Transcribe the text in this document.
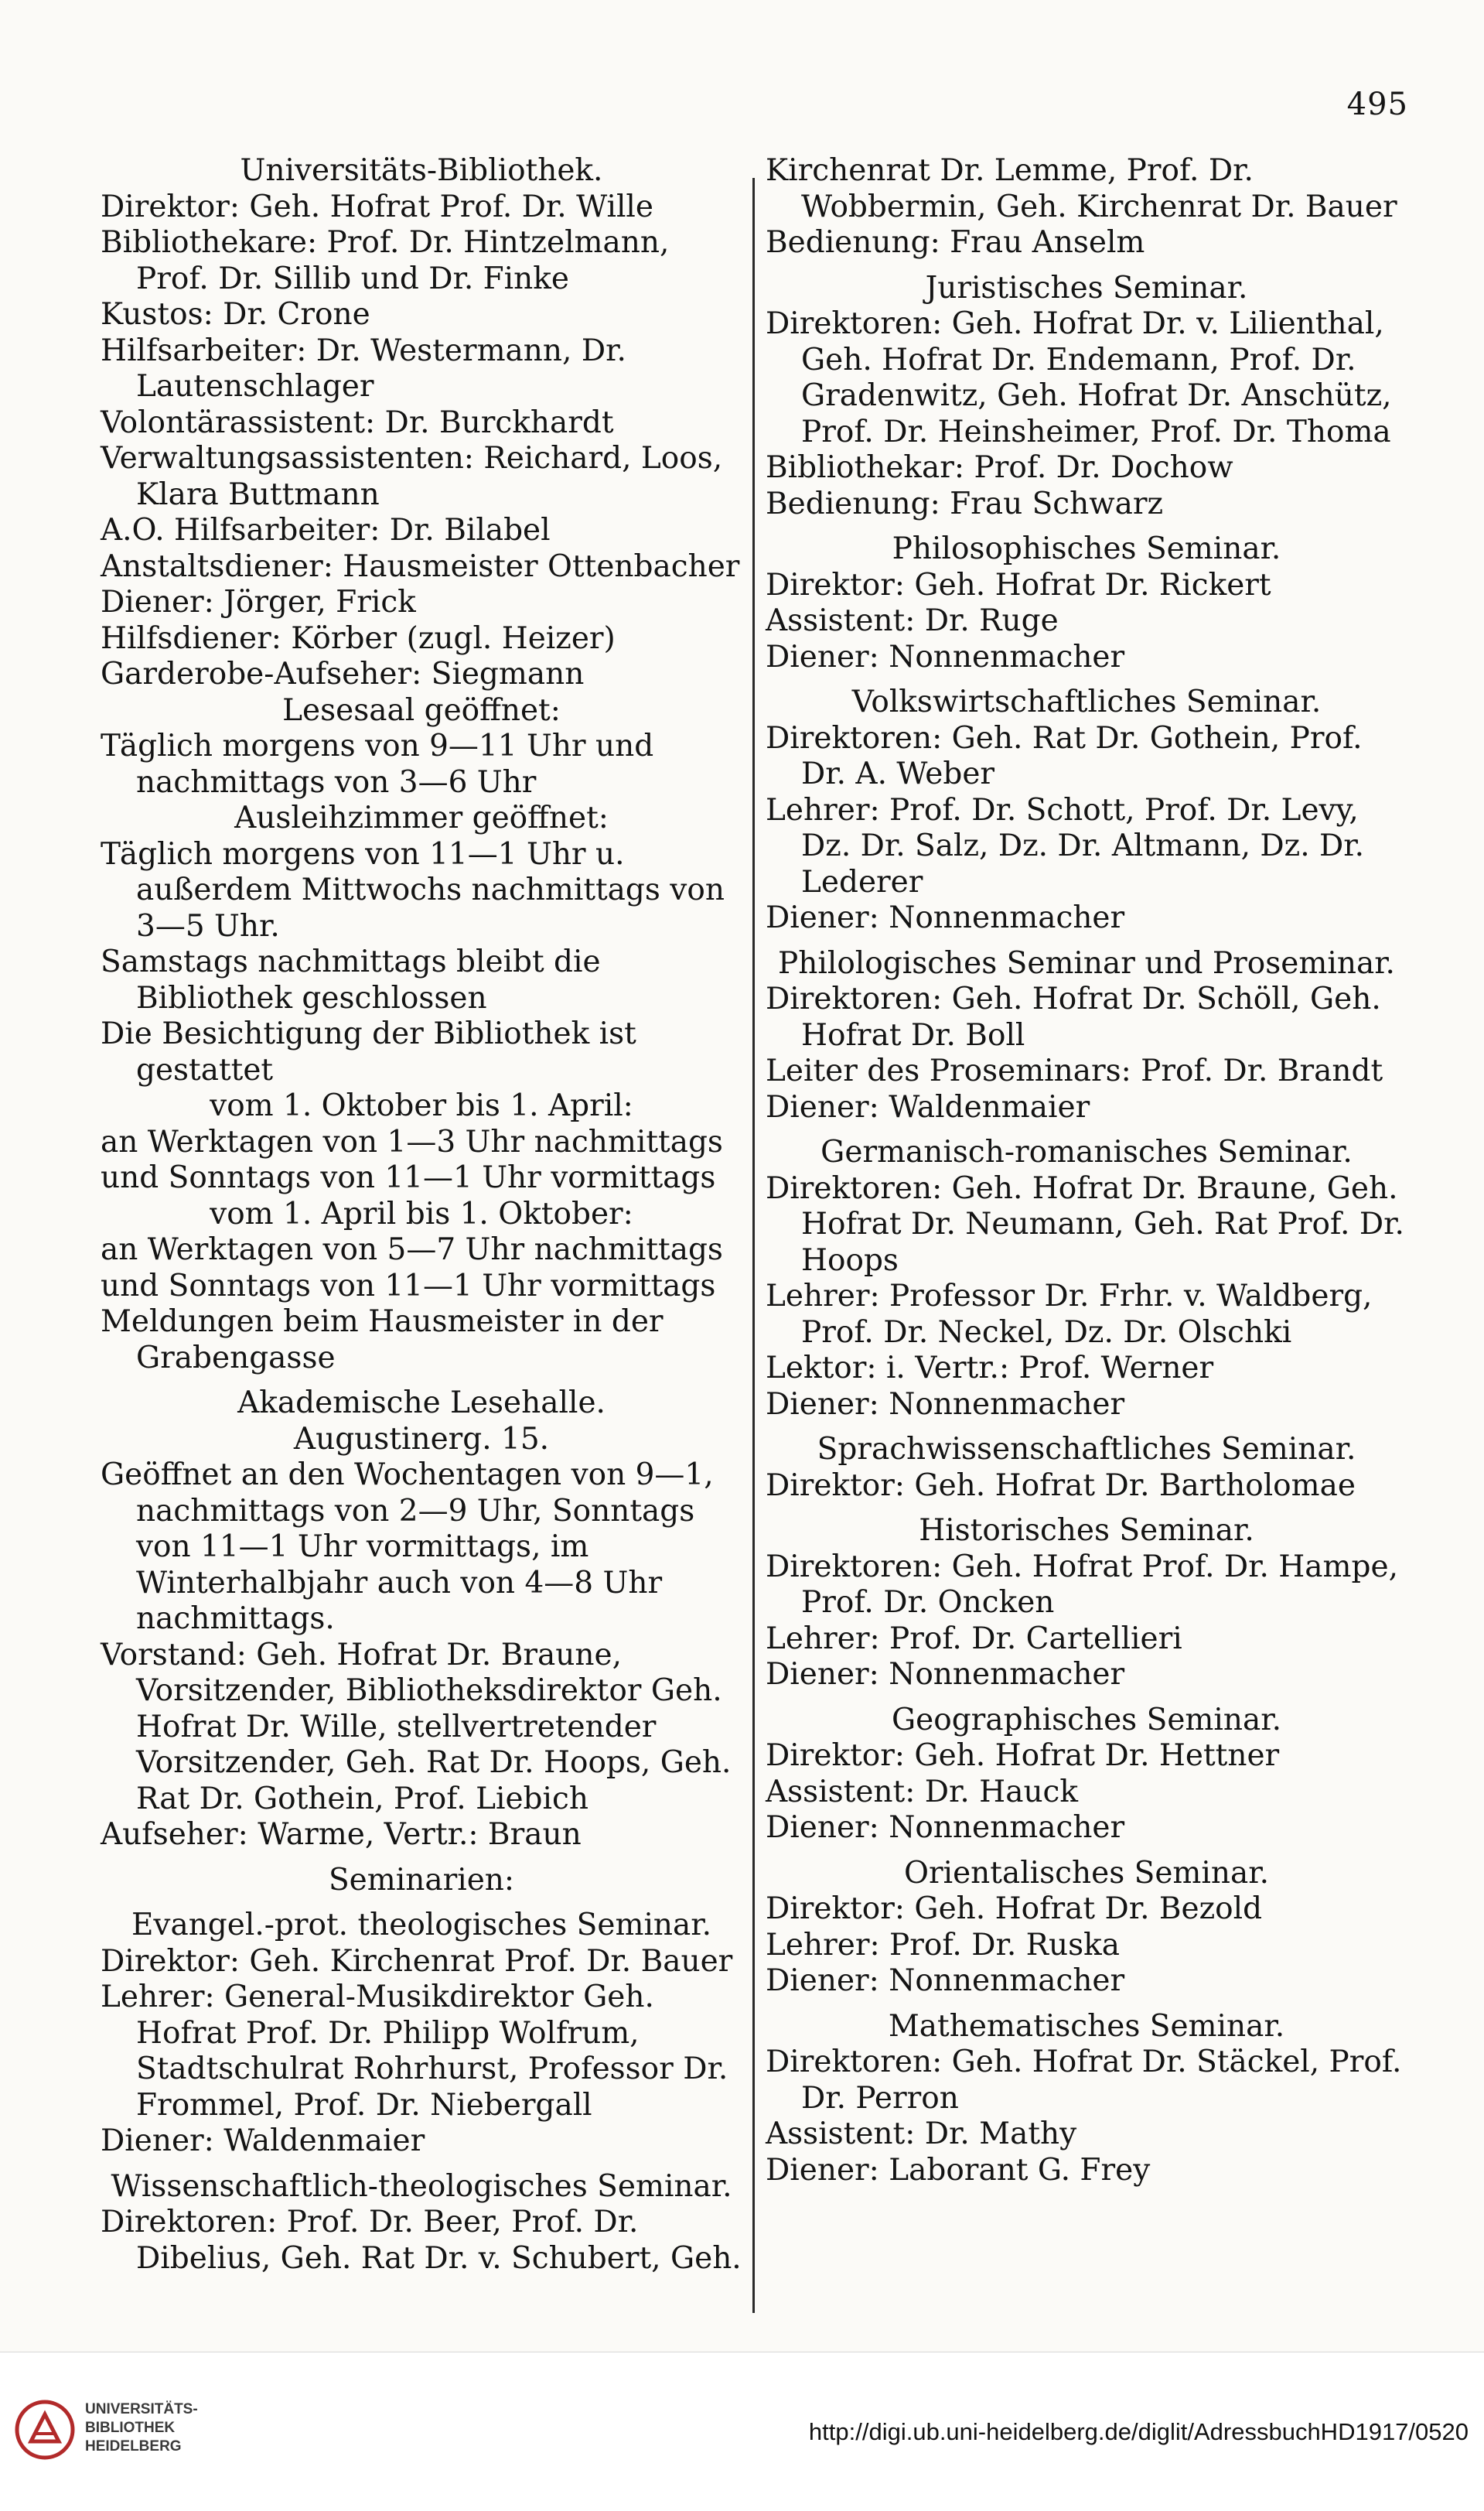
495

Universitäts-Bibliothek.

Direktor: Geh. Hofrat Prof. Dr. Wille

Bibliothekare: Prof. Dr. Hintzelmann, Prof. Dr. Sillib und Dr. Finke

Kustos: Dr. Crone

Hilfsarbeiter: Dr. Westermann, Dr. Lautenschlager

Volontärassistent: Dr. Burckhardt

Verwaltungsassistenten: Reichard, Loos, Klara Buttmann

A.O. Hilfsarbeiter: Dr. Bilabel

Anstaltsdiener: Hausmeister Ottenbacher

Diener: Jörger, Frick

Hilfsdiener: Körber (zugl. Heizer)

Garderobe-Aufseher: Siegmann

Lesesaal geöffnet:

Täglich morgens von 9—11 Uhr und nachmittags von 3—6 Uhr

Ausleihzimmer geöffnet:

Täglich morgens von 11—1 Uhr u. außerdem Mittwochs nachmittags von 3—5 Uhr.

Samstags nachmittags bleibt die Bibliothek geschlossen

Die Besichtigung der Bibliothek ist gestattet

vom 1. Oktober bis 1. April:

an Werktagen von 1—3 Uhr nachmittags

und Sonntags von 11—1 Uhr vormittags

vom 1. April bis 1. Oktober:

an Werktagen von 5—7 Uhr nachmittags

und Sonntags von 11—1 Uhr vormittags

Meldungen beim Hausmeister in der Grabengasse

Akademische Lesehalle.

Augustinerg. 15.

Geöffnet an den Wochentagen von 9—1, nachmittags von 2—9 Uhr, Sonntags von 11—1 Uhr vormittags, im Winterhalbjahr auch von 4—8 Uhr nachmittags.

Vorstand: Geh. Hofrat Dr. Braune, Vorsitzender, Bibliotheksdirektor Geh. Hofrat Dr. Wille, stellvertretender Vorsitzender, Geh. Rat Dr. Hoops, Geh. Rat Dr. Gothein, Prof. Liebich

Aufseher: Warme, Vertr.: Braun

Seminarien:

Evangel.-prot. theologisches Seminar.

Direktor: Geh. Kirchenrat Prof. Dr. Bauer

Lehrer: General-Musikdirektor Geh. Hofrat Prof. Dr. Philipp Wolfrum, Stadtschulrat Rohrhurst, Professor Dr. Frommel, Prof. Dr. Niebergall

Diener: Waldenmaier

Wissenschaftlich-theologisches Seminar.

Direktoren: Prof. Dr. Beer, Prof. Dr. Dibelius, Geh. Rat Dr. v. Schubert, Geh.

Kirchenrat Dr. Lemme, Prof. Dr. Wobbermin, Geh. Kirchenrat Dr. Bauer

Bedienung: Frau Anselm

Juristisches Seminar.

Direktoren: Geh. Hofrat Dr. v. Lilienthal, Geh. Hofrat Dr. Endemann, Prof. Dr. Gradenwitz, Geh. Hofrat Dr. Anschütz, Prof. Dr. Heinsheimer, Prof. Dr. Thoma

Bibliothekar: Prof. Dr. Dochow

Bedienung: Frau Schwarz

Philosophisches Seminar.

Direktor: Geh. Hofrat Dr. Rickert

Assistent: Dr. Ruge

Diener: Nonnenmacher

Volkswirtschaftliches Seminar.

Direktoren: Geh. Rat Dr. Gothein, Prof. Dr. A. Weber

Lehrer: Prof. Dr. Schott, Prof. Dr. Levy, Dz. Dr. Salz, Dz. Dr. Altmann, Dz. Dr. Lederer

Diener: Nonnenmacher

Philologisches Seminar und Proseminar.

Direktoren: Geh. Hofrat Dr. Schöll, Geh. Hofrat Dr. Boll

Leiter des Proseminars: Prof. Dr. Brandt

Diener: Waldenmaier

Germanisch-romanisches Seminar.

Direktoren: Geh. Hofrat Dr. Braune, Geh. Hofrat Dr. Neumann, Geh. Rat Prof. Dr. Hoops

Lehrer: Professor Dr. Frhr. v. Waldberg, Prof. Dr. Neckel, Dz. Dr. Olschki

Lektor: i. Vertr.: Prof. Werner

Diener: Nonnenmacher

Sprachwissenschaftliches Seminar.

Direktor: Geh. Hofrat Dr. Bartholomae

Historisches Seminar.

Direktoren: Geh. Hofrat Prof. Dr. Hampe, Prof. Dr. Oncken

Lehrer: Prof. Dr. Cartellieri

Diener: Nonnenmacher

Geographisches Seminar.

Direktor: Geh. Hofrat Dr. Hettner

Assistent: Dr. Hauck

Diener: Nonnenmacher

Orientalisches Seminar.

Direktor: Geh. Hofrat Dr. Bezold

Lehrer: Prof. Dr. Ruska

Diener: Nonnenmacher

Mathematisches Seminar.

Direktoren: Geh. Hofrat Dr. Stäckel, Prof. Dr. Perron

Assistent: Dr. Mathy

Diener: Laborant G. Frey

UNIVERSITÄTS-
BIBLIOTHEK
HEIDELBERG
http://digi.ub.uni-heidelberg.de/diglit/AdressbuchHD1917/0520
